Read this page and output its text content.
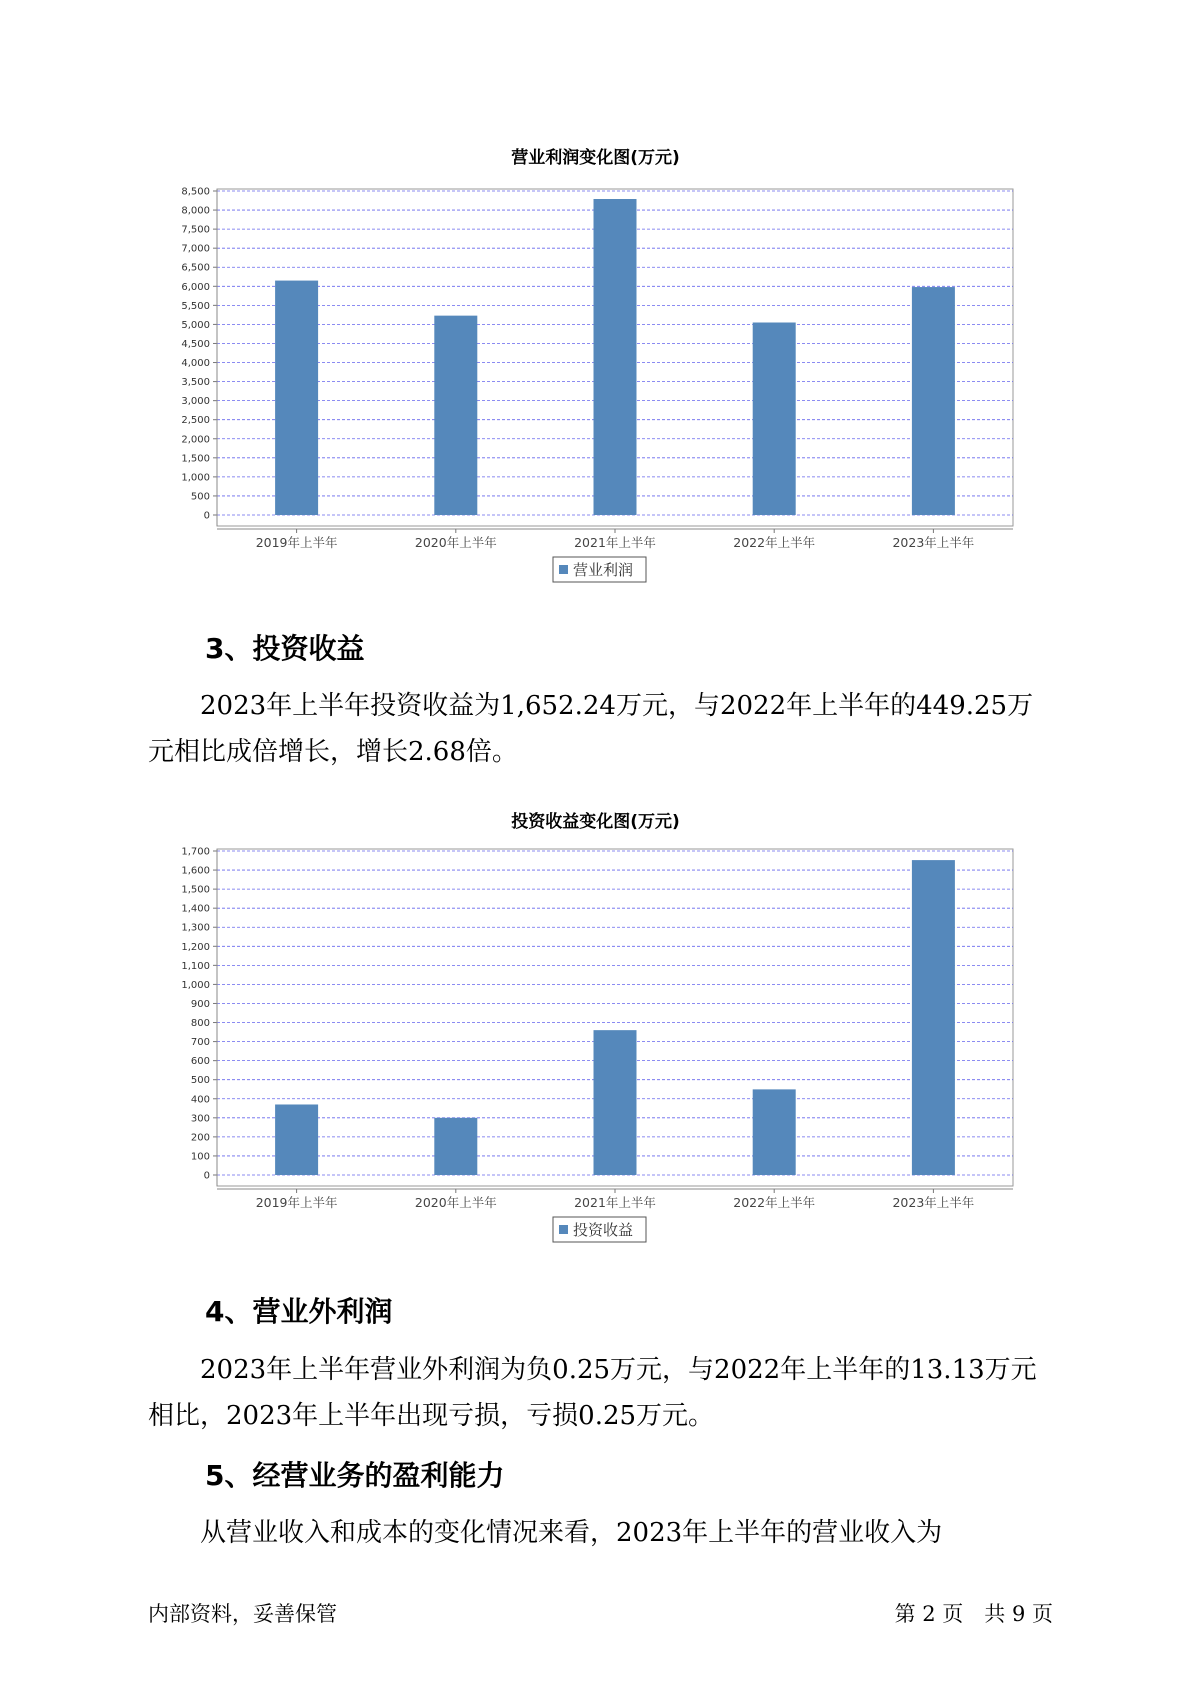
营业利润变化图(万元)
0
500
1,000
1,500
2,000
2,500
3,000
3,500
4,000
4,500
5,000
5,500
6,000
6,500
7,000
7,500
8,000
8,500
2019年上半年	2020年上半年	2021年上半年	2022年上半年	2023年上半年
营业利润
3、投资收益

2023年上半年投资收益为1,652.24万元，与2022年上半年的449.25万
元相比成倍增长，增长2.68倍。

投资收益变化图(万元)
0
100
200
300
400
500
600
700
800
900
1,000
1,100
1,200
1,300
1,400
1,500
1,600
1,700
2019年上半年	2020年上半年	2021年上半年	2022年上半年	2023年上半年
投资收益
4、营业外利润

2023年上半年营业外利润为负0.25万元，与2022年上半年的13.13万元
相比，2023年上半年出现亏损，亏损0.25万元。

5、经营业务的盈利能力

从营业收入和成本的变化情况来看，2023年上半年的营业收入为

内部资料，妥善保管	第 2 页　共 9 页
